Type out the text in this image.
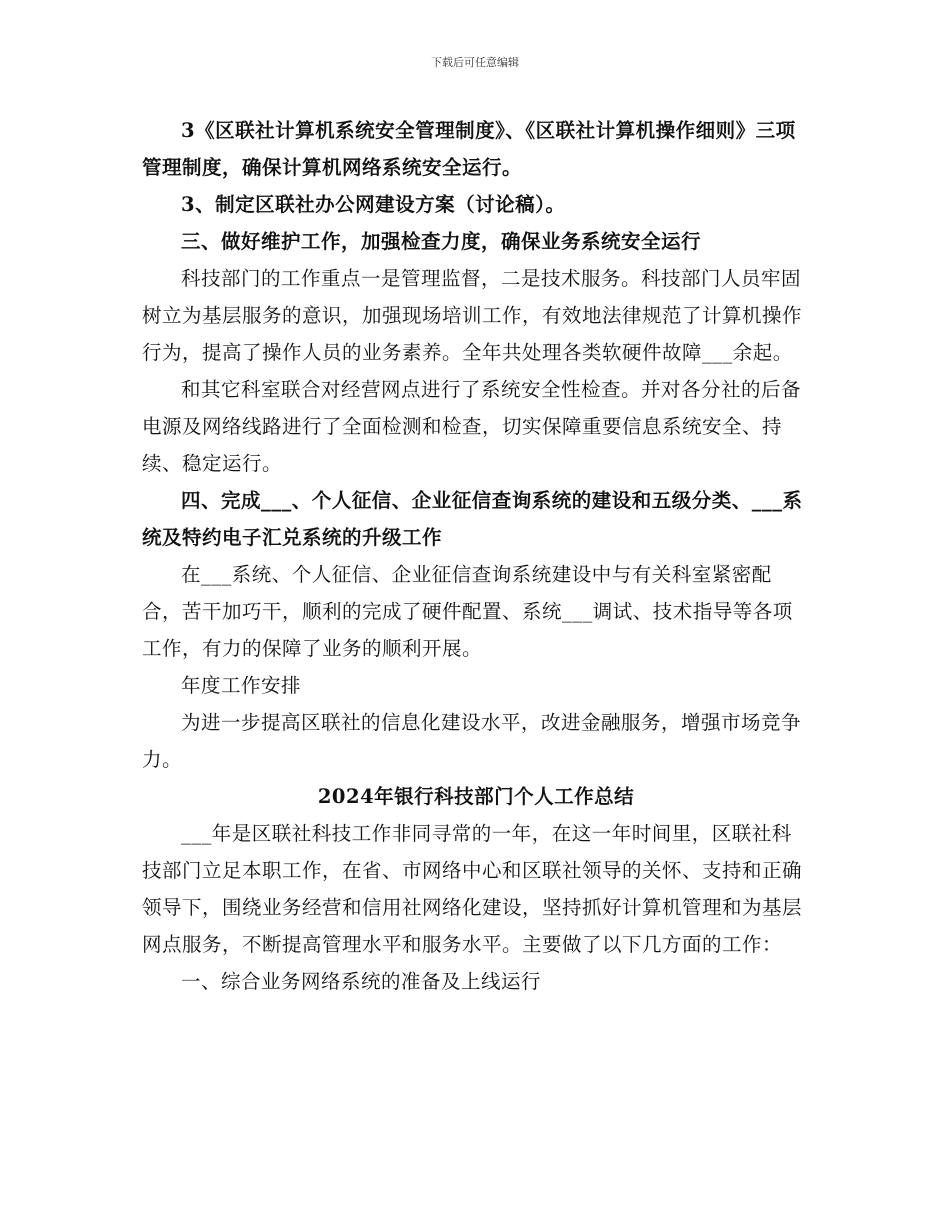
下载后可任意编辑

3《区联社计算机系统安全管理制度》、《区联社计算机操作细则》三项管理制度，确保计算机网络系统安全运行。

3、制定区联社办公网建设方案（讨论稿）。

三、做好维护工作，加强检查力度，确保业务系统安全运行

科技部门的工作重点一是管理监督，二是技术服务。科技部门人员牢固树立为基层服务的意识，加强现场培训工作，有效地法律规范了计算机操作行为，提高了操作人员的业务素养。全年共处理各类软硬件故障___余起。

和其它科室联合对经营网点进行了系统安全性检查。并对各分社的后备电源及网络线路进行了全面检测和检查，切实保障重要信息系统安全、持续、稳定运行。

四、完成___、个人征信、企业征信查询系统的建设和五级分类、___系统及特约电子汇兑系统的升级工作

在___系统、个人征信、企业征信查询系统建设中与有关科室紧密配合，苦干加巧干，顺利的完成了硬件配置、系统___调试、技术指导等各项工作，有力的保障了业务的顺利开展。

年度工作安排

为进一步提高区联社的信息化建设水平，改进金融服务，增强市场竞争力。

2024年银行科技部门个人工作总结

___年是区联社科技工作非同寻常的一年，在这一年时间里，区联社科技部门立足本职工作，在省、市网络中心和区联社领导的关怀、支持和正确领导下，围绕业务经营和信用社网络化建设，坚持抓好计算机管理和为基层网点服务，不断提高管理水平和服务水平。主要做了以下几方面的工作：

一、综合业务网络系统的准备及上线运行
